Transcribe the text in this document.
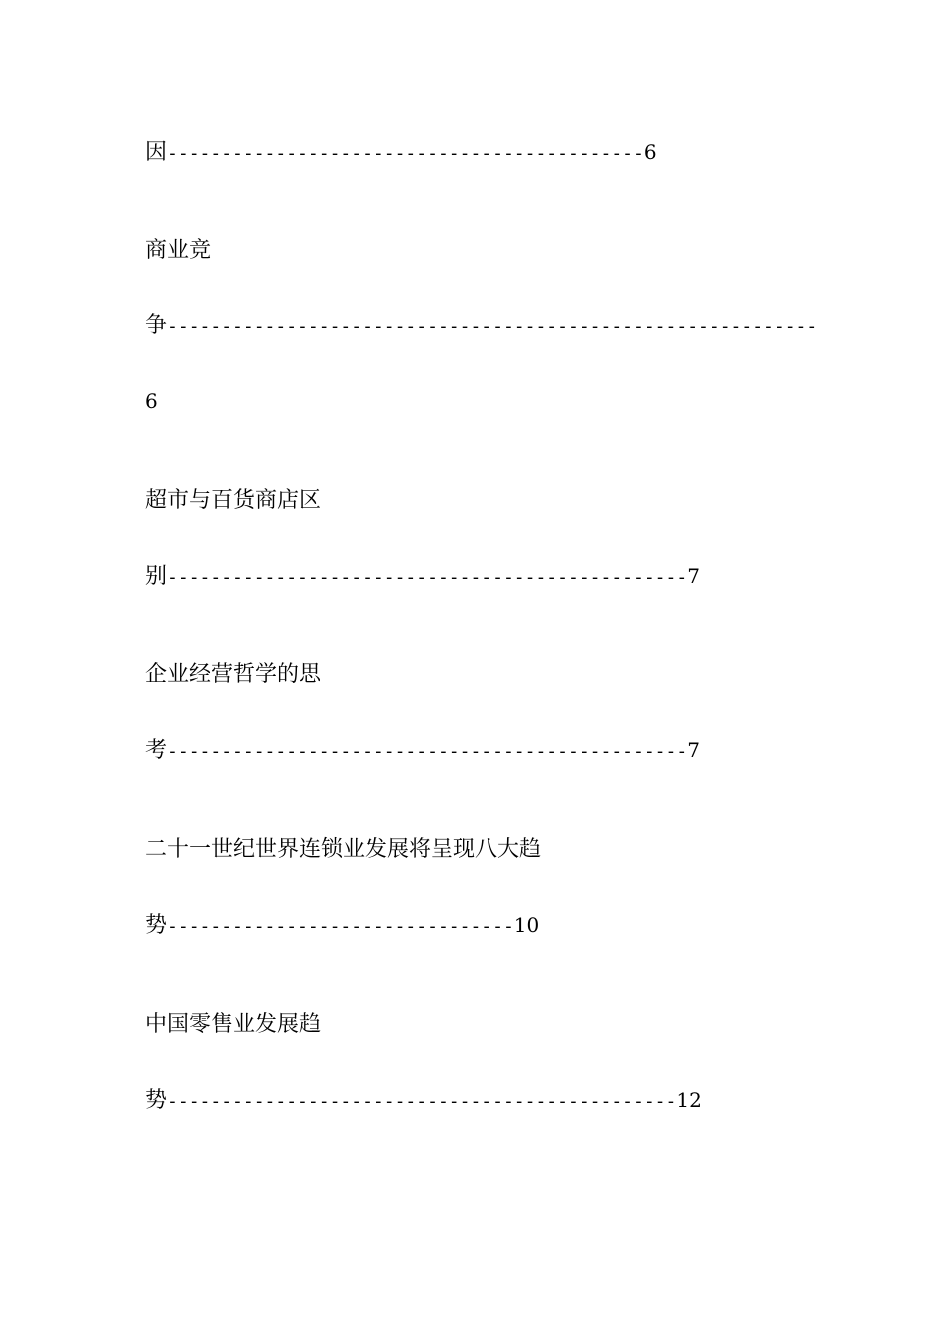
因--------------------------------------------6

商业竞

争------------------------------------------------------------

6

超市与百货商店区

别------------------------------------------------7

企业经营哲学的思

考------------------------------------------------7

二十一世纪世界连锁业发展将呈现八大趋

势--------------------------------10

中国零售业发展趋

势-----------------------------------------------12
